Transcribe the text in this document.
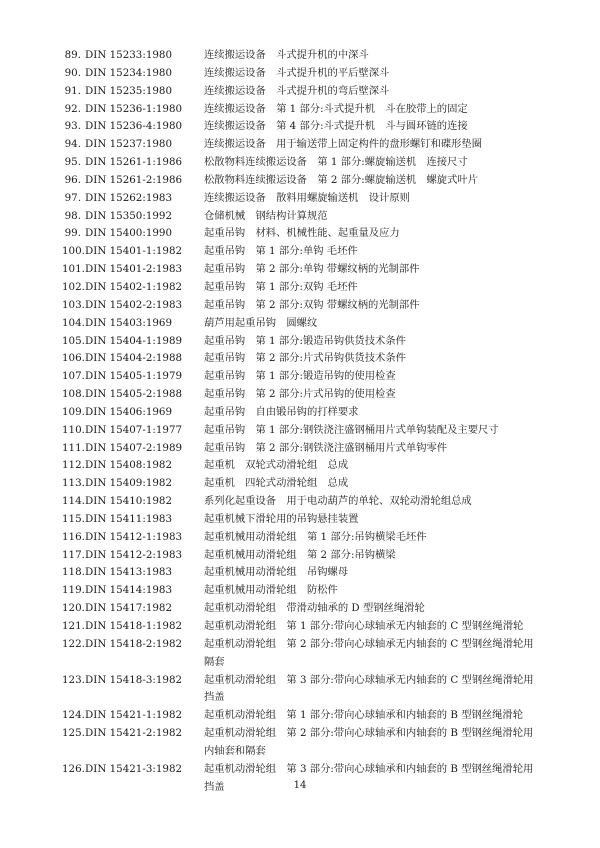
89. DIN 15233:1980	连续搬运设备　斗式提升机的中深斗
90. DIN 15234:1980	连续搬运设备　斗式提升机的平后壁深斗
91. DIN 15235:1980	连续搬运设备　斗式提升机的弯后壁深斗
92. DIN 15236-1:1980	连续搬运设备　第 1 部分:斗式提升机　斗在胶带上的固定
93. DIN 15236-4:1980	连续搬运设备　第 4 部分:斗式提升机　斗与圆环链的连接
94. DIN 15237:1980	连续搬运设备　用于输送带上固定构件的盘形螺钉和碟形垫圈
95. DIN 15261-1:1986	松散物料连续搬运设备　第 1 部分:螺旋输送机　连接尺寸
96. DIN 15261-2:1986	松散物料连续搬运设备　第 2 部分:螺旋输送机　螺旋式叶片
97. DIN 15262:1983	连续搬运设备　散料用螺旋输送机　设计原则
98. DIN 15350:1992	仓储机械　钢结构计算规范
99. DIN 15400:1990	起重吊钩　材料、机械性能、起重量及应力
100. DIN 15401-1:1982	起重吊钩　第 1 部分:单钩 毛坯件
101. DIN 15401-2:1983	起重吊钩　第 2 部分:单钩 带螺纹柄的光制部件
102. DIN 15402-1:1982	起重吊钩　第 1 部分:双钩 毛坯件
103. DIN 15402-2:1983	起重吊钩　第 2 部分:双钩 带螺纹柄的光制部件
104. DIN 15403:1969	葫芦用起重吊钩　圆螺纹
105. DIN 15404-1:1989	起重吊钩　第 1 部分:锻造吊钩供货技术条件
106. DIN 15404-2:1988	起重吊钩　第 2 部分:片式吊钩供货技术条件
107. DIN 15405-1:1979	起重吊钩　第 1 部分:锻造吊钩的使用检查
108. DIN 15405-2:1988	起重吊钩　第 2 部分:片式吊钩的使用检查
109. DIN 15406:1969	起重吊钩　自由锻吊钩的打样要求
110. DIN 15407-1:1977	起重吊钩　第 1 部分:钢铁浇注盛钢桶用片式单钩装配及主要尺寸
111. DIN 15407-2:1989	起重吊钩　第 2 部分:钢铁浇注盛钢桶用片式单钩零件
112. DIN 15408:1982	起重机　双轮式动滑轮组　总成
113. DIN 15409:1982	起重机　四轮式动滑轮组　总成
114. DIN 15410:1982	系列化起重设备　用于电动葫芦的单轮、双轮动滑轮组总成
115. DIN 15411:1983	起重机械下滑轮用的吊钩悬挂装置
116. DIN 15412-1:1983	起重机械用动滑轮组　第 1 部分:吊钩横梁毛坯件
117. DIN 15412-2:1983	起重机械用动滑轮组　第 2 部分:吊钩横梁
118. DIN 15413:1983	起重机械用动滑轮组　吊钩螺母
119. DIN 15414:1983	起重机械用动滑轮组　防松件
120. DIN 15417:1982	起重机动滑轮组　带滑动轴承的 D 型钢丝绳滑轮
121. DIN 15418-1:1982	起重机动滑轮组　第 1 部分:带向心球轴承无内轴套的 C 型钢丝绳滑轮
122. DIN 15418-2:1982	起重机动滑轮组　第 2 部分:带向心球轴承无内轴套的 C 型钢丝绳滑轮用隔套
123. DIN 15418-3:1982	起重机动滑轮组　第 3 部分:带向心球轴承无内轴套的 C 型钢丝绳滑轮用挡盖
124. DIN 15421-1:1982	起重机动滑轮组　第 1 部分:带向心球轴承和内轴套的 B 型钢丝绳滑轮
125. DIN 15421-2:1982	起重机动滑轮组　第 2 部分:带向心球轴承和内轴套的 B 型钢丝绳滑轮用内轴套和隔套
126. DIN 15421-3:1982	起重机动滑轮组　第 3 部分:带向心球轴承和内轴套的 B 型钢丝绳滑轮用挡盖	14
